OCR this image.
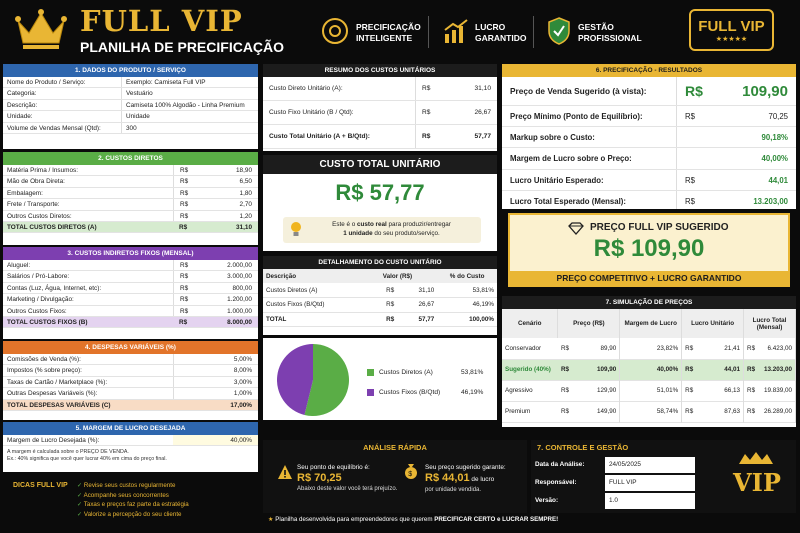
FULL VIP
PLANILHA DE PRECIFICAÇÃO
PRECIFICAÇÃO
INTELIGENTE
LUCRO
GARANTIDO
GESTÃO
PROFISSIONAL
FULL VIP
★★★★★
1. DADOS DO PRODUTO / SERVIÇO
Nome do Produto / Serviço:	Exemplo: Camiseta Full VIP
Categoria:	Vestuário
Descrição:	Camiseta 100% Algodão - Linha Premium
Unidade:	Unidade
Volume de Vendas Mensal (Qtd):	300
2. CUSTOS DIRETOS
Matéria Prima / Insumos:	R$	18,90
Mão de Obra Direta:	R$	6,50
Embalagem:	R$	1,80
Frete / Transporte:	R$	2,70
Outros Custos Diretos:	R$	1,20
TOTAL CUSTOS DIRETOS (A)	R$	31,10
3. CUSTOS INDIRETOS FIXOS (MENSAL)
Aluguel:	R$	2.000,00
Salários / Pró-Labore:	R$	3.000,00
Contas (Luz, Água, Internet, etc):	R$	800,00
Marketing / Divulgação:	R$	1.200,00
Outros Custos Fixos:	R$	1.000,00
TOTAL CUSTOS FIXOS (B)	R$	8.000,00
4. DESPESAS VARIÁVEIS (%)
Comissões de Venda (%):	5,00%
Impostos (% sobre preço):	8,00%
Taxas de Cartão / Marketplace (%):	3,00%
Outras Despesas Variáveis (%):	1,00%
TOTAL DESPESAS VARIÁVEIS (C)	17,00%
5. MARGEM DE LUCRO DESEJADA
Margem de Lucro Desejada (%):	40,00%
A margem é calculada sobre o PREÇO DE VENDA.
Ex.: 40% significa que você quer lucrar 40% em cima do preço final.
DICAS FULL VIP ✓ Revise seus custos regularmente
✓ Acompanhe seus concorrentes
✓ Taxas e preços faz parte da estratégia
✓ Valorize a percepção do seu cliente
RESUMO DOS CUSTOS UNITÁRIOS
Custo Direto Unitário (A):	R$	31,10
Custo Fixo Unitário (B / Qtd):	R$	26,67
Custo Total Unitário (A + B/Qtd):	R$	57,77
CUSTO TOTAL UNITÁRIO
R$ 57,77
Este é o custo real para produzir/entregar
1 unidade do seu produto/serviço.
DETALHAMENTO DO CUSTO UNITÁRIO
Descrição	Valor (R$)	% do Custo
Custos Diretos (A)	R$ 31,10	53,81%
Custos Fixos (B/Qtd)	R$ 26,67	46,19%
TOTAL	R$ 57,77	100,00%
Custos Diretos (A)	53,81%
Custos Fixos (B/Qtd)	46,19%
6. PRECIFICAÇÃO - RESULTADOS
Preço de Venda Sugerido (à vista):	R$	109,90
Preço Mínimo (Ponto de Equilíbrio):	R$	70,25
Markup sobre o Custo:	90,18%
Margem de Lucro sobre o Preço:	40,00%
Lucro Unitário Esperado:	R$	44,01
Lucro Total Esperado (Mensal):	R$	13.203,00
PREÇO FULL VIP SUGERIDO
R$ 109,90
PREÇO COMPETITIVO + LUCRO GARANTIDO
7. SIMULAÇÃO DE PREÇOS
Cenário	Preço (R$)	Margem de Lucro	Lucro Unitário	Lucro Total (Mensal)
Conservador	R$ 89,90	23,82%	R$ 21,41	R$ 6.423,00
Sugerido (40%)	R$ 109,90	40,00%	R$ 44,01	R$ 13.203,00
Agressivo	R$ 129,90	51,01%	R$ 66,13	R$ 19.839,00
Premium	R$ 149,90	58,74%	R$ 87,63	R$ 26.289,00
ANÁLISE RÁPIDA
Seu ponto de equilíbrio é:
R$ 70,25
Abaixo deste valor você terá prejuízo.
$
Seu preço sugerido garante:
R$ 44,01 de lucro
por unidade vendida.
7. CONTROLE E GESTÃO
Data da Análise:	24/05/2025
Responsável:	FULL VIP
Versão:	1.0
VIP
★ Planilha desenvolvida para empreendedores que querem PRECIFICAR CERTO e LUCRAR SEMPRE!
